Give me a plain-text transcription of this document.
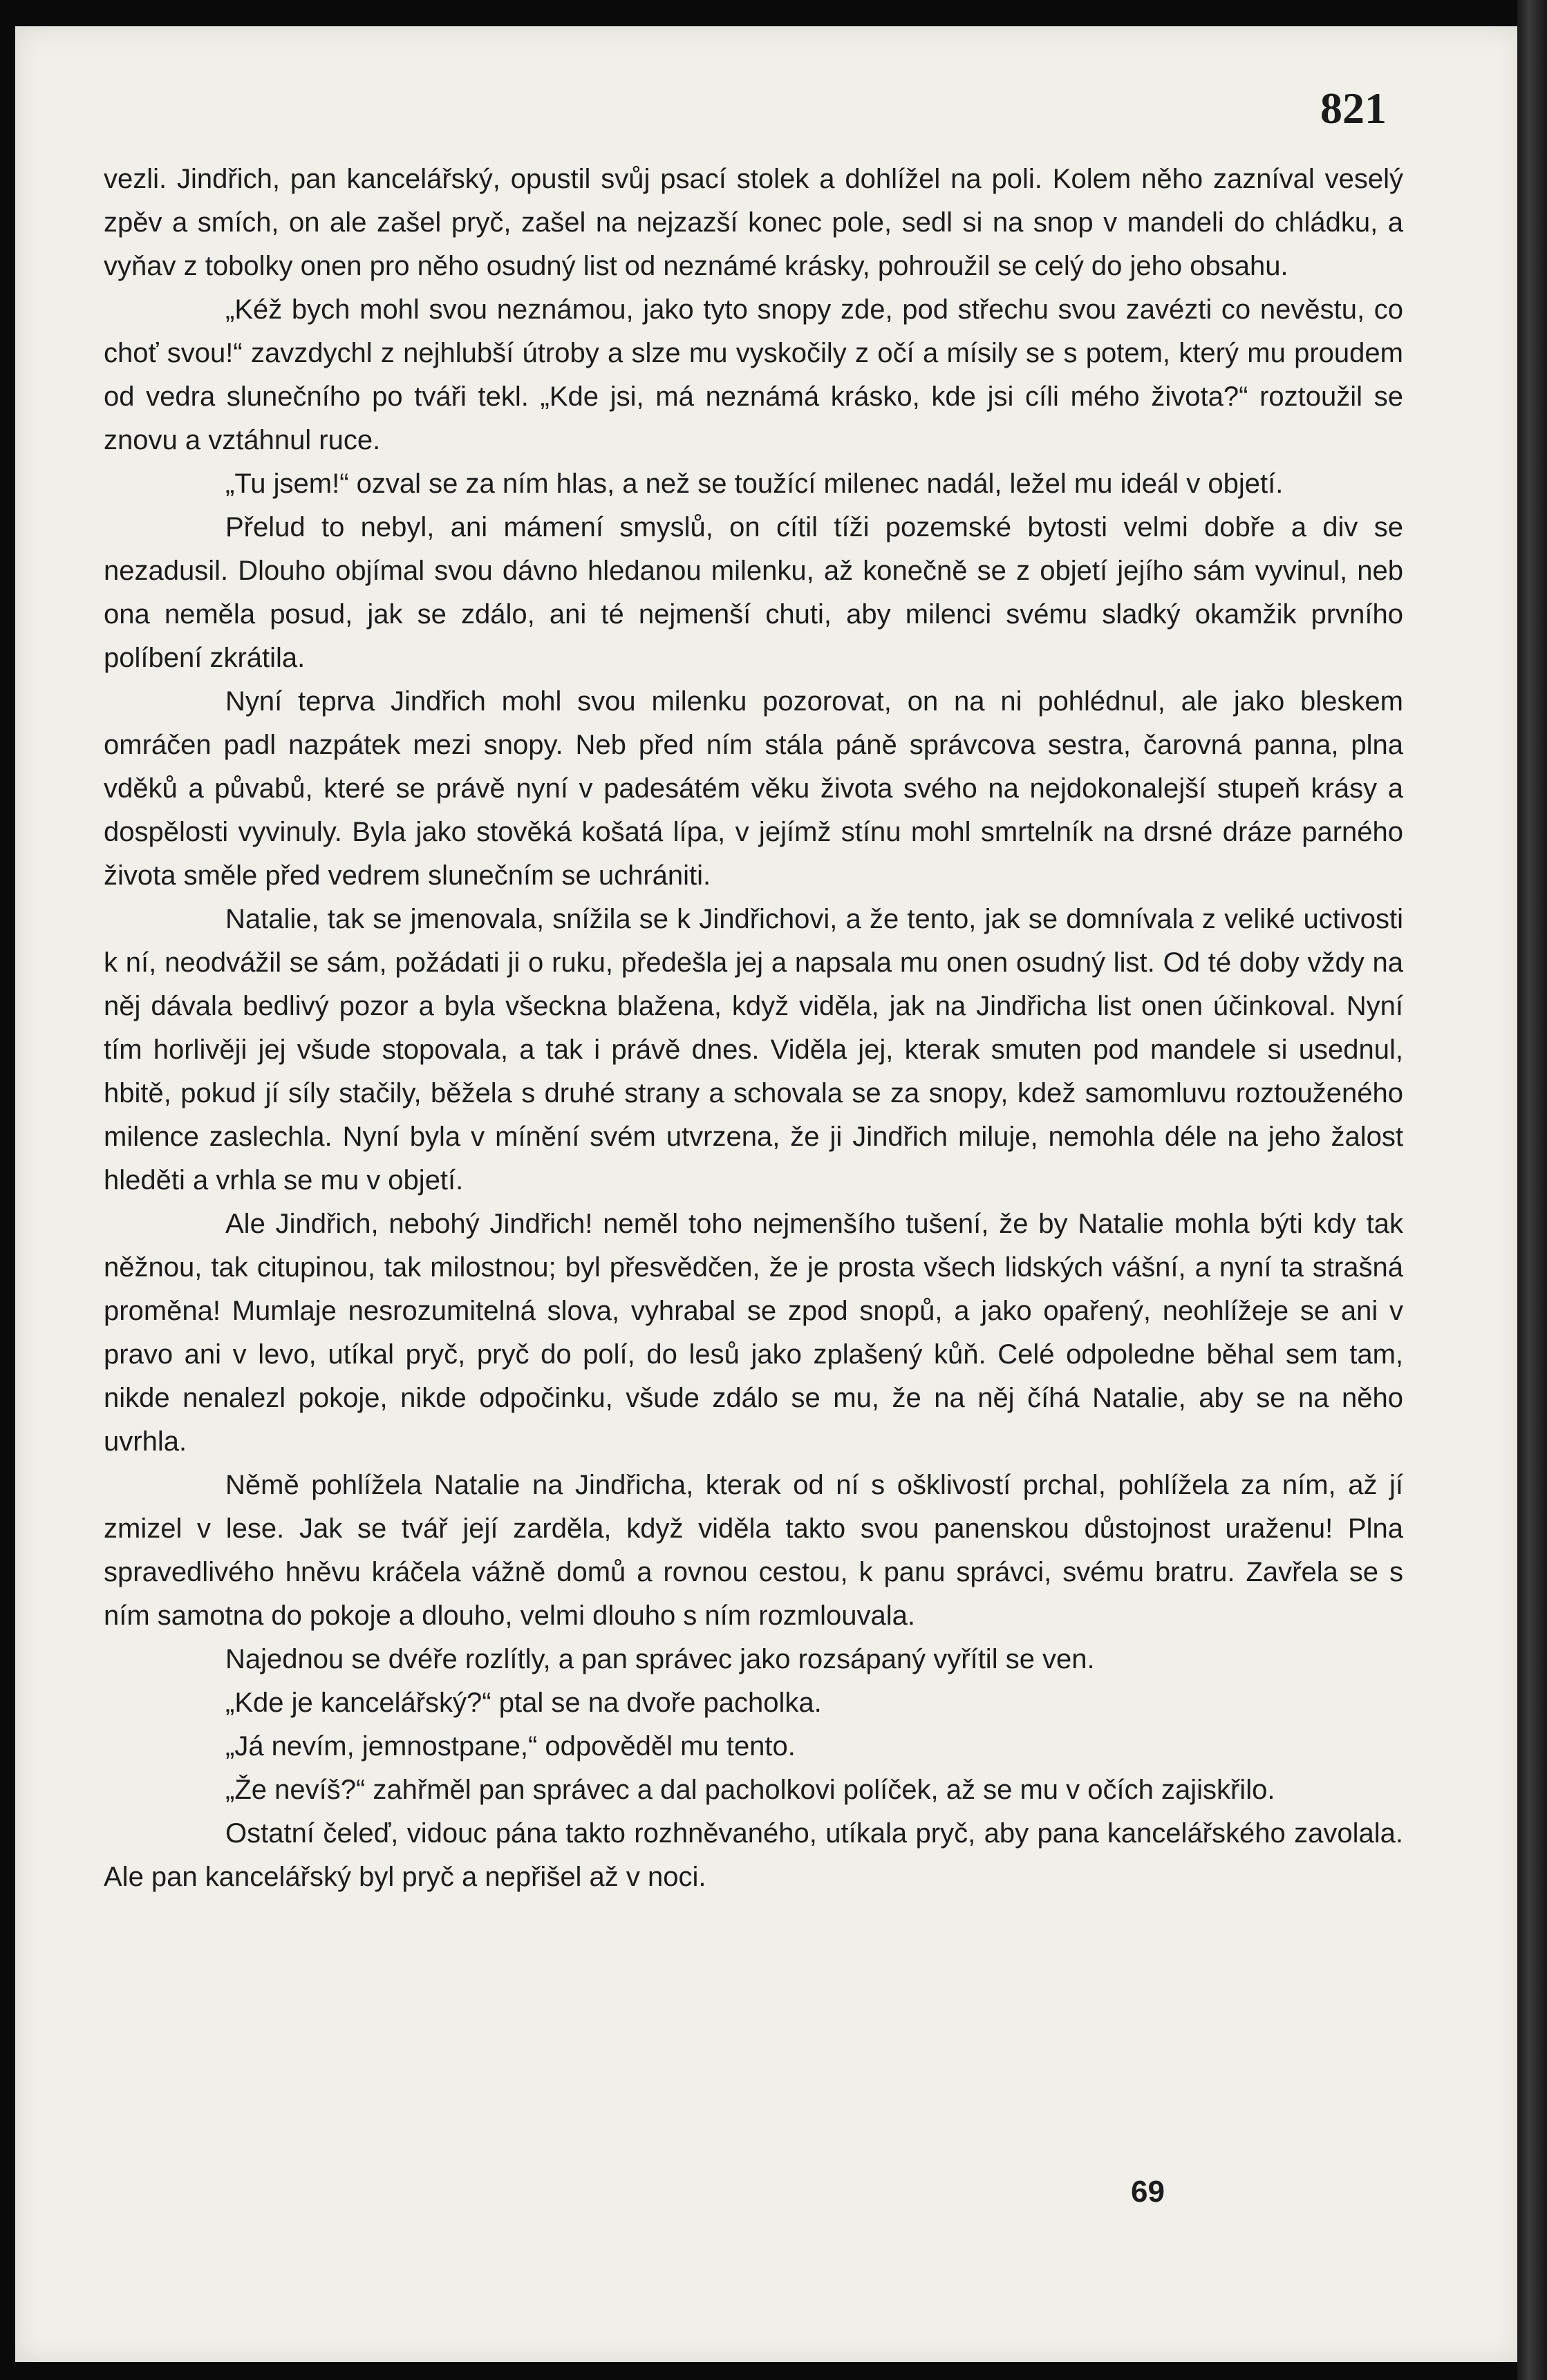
821

vezli. Jindřich, pan kancelářský, opustil svůj psací stolek a dohlížel na poli. Kolem něho zazníval veselý zpěv a smích, on ale zašel pryč, zašel na nejzazší konec pole, sedl si na snop v mandeli do chládku, a vyňav z tobolky onen pro něho osudný list od neznámé krásky, pohroužil se celý do jeho obsahu.

„Kéž bych mohl svou neznámou, jako tyto snopy zde, pod střechu svou zavézti co nevěstu, co choť svou!“ zavzdychl z nejhlubší útroby a slze mu vyskočily z očí a mísily se s potem, který mu proudem od vedra slunečního po tváři tekl. „Kde jsi, má neznámá krásko, kde jsi cíli mého života?“ roztoužil se znovu a vztáhnul ruce.

„Tu jsem!“ ozval se za ním hlas, a než se toužící milenec nadál, ležel mu ideál v objetí.

Přelud to nebyl, ani mámení smyslů, on cítil tíži pozemské bytosti velmi dobře a div se nezadusil. Dlouho objímal svou dávno hledanou milenku, až konečně se z objetí jejího sám vyvinul, neb ona neměla posud, jak se zdálo, ani té nejmenší chuti, aby milenci svému sladký okamžik prvního políbení zkrátila.

Nyní teprva Jindřich mohl svou milenku pozorovat, on na ni pohlédnul, ale jako bleskem omráčen padl nazpátek mezi snopy. Neb před ním stála páně správcova sestra, čarovná panna, plna vděků a půvabů, které se právě nyní v padesátém věku života svého na nejdokonalejší stupeň krásy a dospělosti vyvinuly. Byla jako stověká košatá lípa, v jejímž stínu mohl smrtelník na drsné dráze parného života směle před vedrem slunečním se uchrániti.

Natalie, tak se jmenovala, snížila se k Jindřichovi, a že tento, jak se domnívala z veliké uctivosti k ní, neodvážil se sám, požádati ji o ruku, předešla jej a napsala mu onen osudný list. Od té doby vždy na něj dávala bedlivý pozor a byla všeckna blažena, když viděla, jak na Jindřicha list onen účinkoval. Nyní tím horlivěji jej všude stopovala, a tak i právě dnes. Viděla jej, kterak smuten pod mandele si usednul, hbitě, pokud jí síly stačily, běžela s druhé strany a schovala se za snopy, kdež samomluvu roztouženého milence zaslechla. Nyní byla v mínění svém utvrzena, že ji Jindřich miluje, nemohla déle na jeho žalost hleděti a vrhla se mu v objetí.

Ale Jindřich, nebohý Jindřich! neměl toho nejmenšího tušení, že by Natalie mohla býti kdy tak něžnou, tak citupinou, tak milostnou; byl přesvědčen, že je prosta všech lidských vášní, a nyní ta strašná proměna! Mumlaje nesrozumitelná slova, vyhrabal se zpod snopů, a jako opařený, neohlížeje se ani v pravo ani v levo, utíkal pryč, pryč do polí, do lesů jako zplašený kůň. Celé odpoledne běhal sem tam, nikde nenalezl pokoje, nikde odpočinku, všude zdálo se mu, že na něj číhá Natalie, aby se na něho uvrhla.

Němě pohlížela Natalie na Jindřicha, kterak od ní s ošklivostí prchal, pohlížela za ním, až jí zmizel v lese. Jak se tvář její zarděla, když viděla takto svou panenskou důstojnost uraženu! Plna spravedlivého hněvu kráčela vážně domů a rovnou cestou, k panu správci, svému bratru. Zavřela se s ním samotna do pokoje a dlouho, velmi dlouho s ním rozmlouvala.

Najednou se dvéře rozlítly, a pan správec jako rozsápaný vyřítil se ven.

„Kde je kancelářský?“ ptal se na dvoře pacholka.

„Já nevím, jemnostpane,“ odpověděl mu tento.

„Že nevíš?“ zahřměl pan správec a dal pacholkovi políček, až se mu v očích zajiskřilo.

Ostatní čeleď, vidouc pána takto rozhněvaného, utíkala pryč, aby pana kancelářského zavolala. Ale pan kancelářský byl pryč a nepřišel až v noci.

69
